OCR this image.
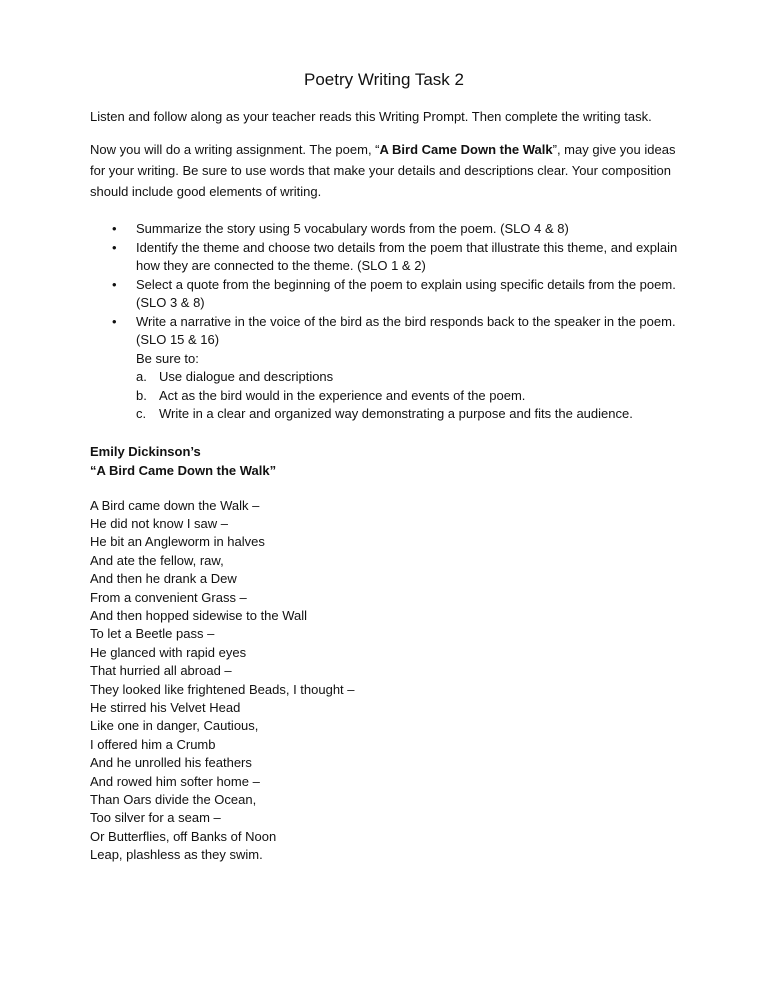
Poetry Writing Task 2

Listen and follow along as your teacher reads this Writing Prompt. Then complete the writing task.

Now you will do a writing assignment. The poem, “A Bird Came Down the Walk”, may give you ideas for your writing. Be sure to use words that make your details and descriptions clear. Your composition should include good elements of writing.

• Summarize the story using 5 vocabulary words from the poem. (SLO 4 & 8)
• Identify the theme and choose two details from the poem that illustrate this theme, and explain how they are connected to the theme. (SLO 1 & 2)
• Select a quote from the beginning of the poem to explain using specific details from the poem. (SLO 3 & 8)
• Write a narrative in the voice of the bird as the bird responds back to the speaker in the poem. (SLO 15 & 16)
Be sure to:
a. Use dialogue and descriptions
b. Act as the bird would in the experience and events of the poem.
c. Write in a clear and organized way demonstrating a purpose and fits the audience.
Emily Dickinson’s
“A Bird Came Down the Walk”
A Bird came down the Walk –
He did not know I saw –
He bit an Angleworm in halves
And ate the fellow, raw,
And then he drank a Dew
From a convenient Grass –
And then hopped sidewise to the Wall
To let a Beetle pass –
He glanced with rapid eyes
That hurried all abroad –
They looked like frightened Beads, I thought –
He stirred his Velvet Head
Like one in danger, Cautious,
I offered him a Crumb
And he unrolled his feathers
And rowed him softer home –
Than Oars divide the Ocean,
Too silver for a seam –
Or Butterflies, off Banks of Noon
Leap, plashless as they swim.
